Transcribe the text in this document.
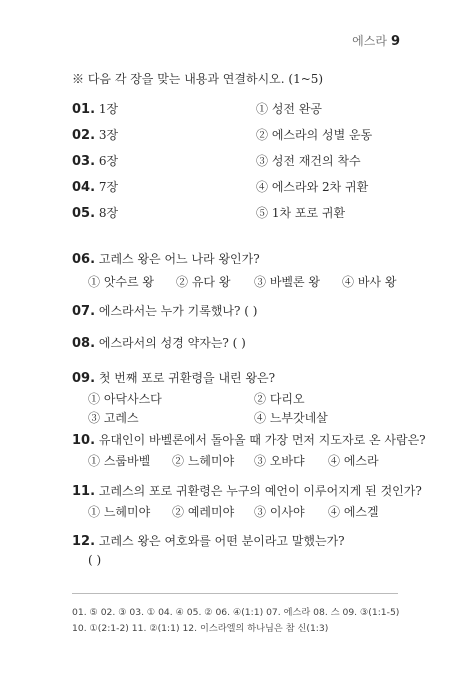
에스라 9
※ 다음 각 장을 맞는 내용과 연결하시오. (1~5)
01. 1장	① 성전 완공
02. 3장	② 에스라의 성별 운동
03. 6장	③ 성전 재건의 착수
04. 7장	④ 에스라와 2차 귀환
05. 8장	⑤ 1차 포로 귀환
06. 고레스 왕은 어느 나라 왕인가?
① 앗수르 왕 ② 유다 왕 ③ 바벨론 왕 ④ 바사 왕
07. 에스라서는 누가 기록했나? ( )
08. 에스라서의 성경 약자는? ( )
09. 첫 번째 포로 귀환령을 내린 왕은?
① 아닥사스다	② 다리오
③ 고레스	④ 느부갓네살
10. 유대인이 바벨론에서 돌아올 때 가장 먼저 지도자로 온 사람은?
① 스룹바벨 ② 느헤미야 ③ 오바댜 ④ 에스라
11. 고레스의 포로 귀환령은 누구의 예언이 이루어지게 된 것인가?
① 느헤미야 ② 예레미야 ③ 이사야 ④ 에스겔
12. 고레스 왕은 여호와를 어떤 분이라고 말했는가?
( )
01. ⑤ 02. ③ 03. ① 04. ④ 05. ② 06. ④(1:1) 07. 에스라 08. 스 09. ③(1:1-5)
10. ①(2:1-2) 11. ②(1:1) 12. 이스라엘의 하나님은 참 신(1:3)
